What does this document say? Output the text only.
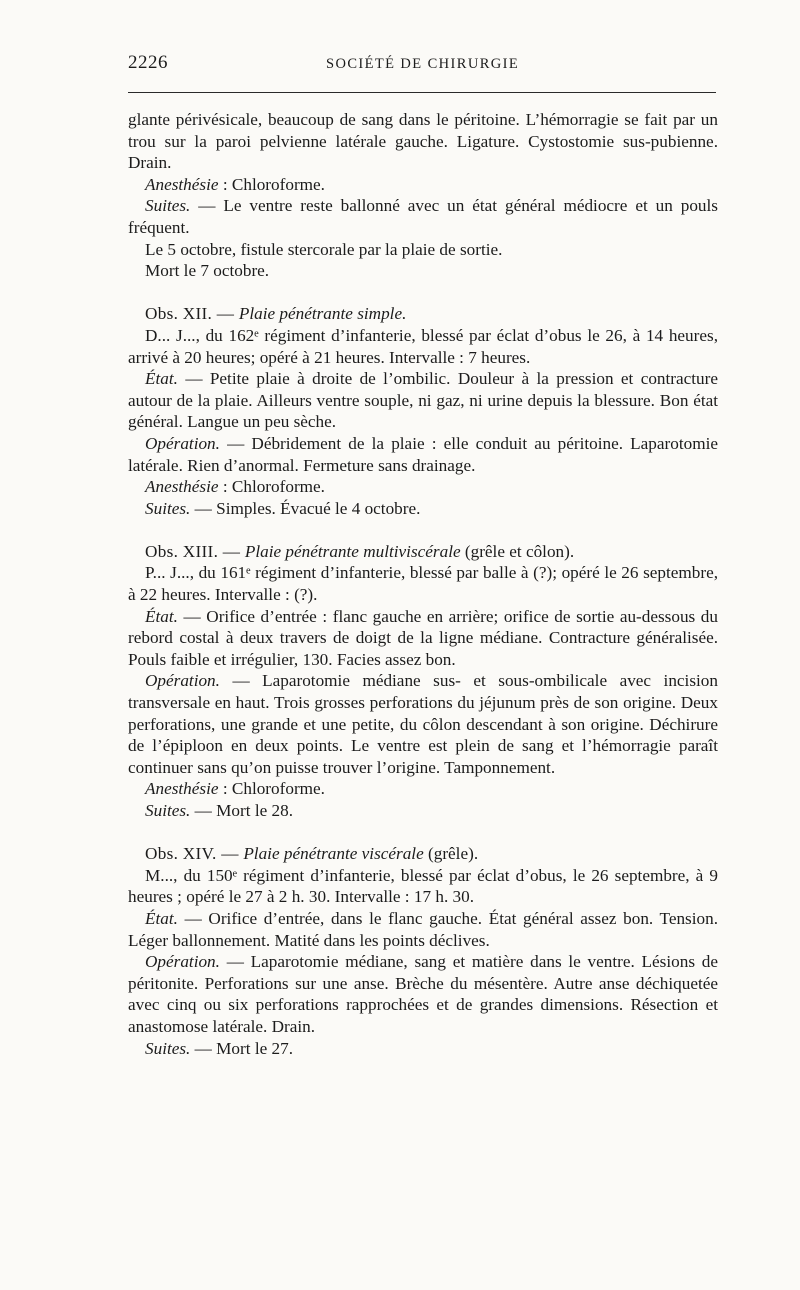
2226	SOCIÉTÉ DE CHIRURGIE

glante périvésicale, beaucoup de sang dans le péritoine. L’hémorragie se fait par un trou sur la paroi pelvienne latérale gauche. Ligature. Cystostomie sus-pubienne. Drain.

Anesthésie : Chloroforme.

Suites. — Le ventre reste ballonné avec un état général médiocre et un pouls fréquent.

Le 5 octobre, fistule stercorale par la plaie de sortie.

Mort le 7 octobre.

Obs. XII. — Plaie pénétrante simple.

D... J..., du 162ᵉ régiment d’infanterie, blessé par éclat d’obus le 26, à 14 heures, arrivé à 20 heures; opéré à 21 heures. Intervalle : 7 heures.

État. — Petite plaie à droite de l’ombilic. Douleur à la pression et contracture autour de la plaie. Ailleurs ventre souple, ni gaz, ni urine depuis la blessure. Bon état général. Langue un peu sèche.

Opération. — Débridement de la plaie : elle conduit au péritoine. Laparotomie latérale. Rien d’anormal. Fermeture sans drainage.

Anesthésie : Chloroforme.

Suites. — Simples. Évacué le 4 octobre.

Obs. XIII. — Plaie pénétrante multiviscérale (grêle et côlon).

P... J..., du 161ᵉ régiment d’infanterie, blessé par balle à (?); opéré le 26 septembre, à 22 heures. Intervalle : (?).

État. — Orifice d’entrée : flanc gauche en arrière; orifice de sortie au-dessous du rebord costal à deux travers de doigt de la ligne médiane. Contracture généralisée. Pouls faible et irrégulier, 130. Facies assez bon.

Opération. — Laparotomie médiane sus- et sous-ombilicale avec incision transversale en haut. Trois grosses perforations du jéjunum près de son origine. Deux perforations, une grande et une petite, du côlon descendant à son origine. Déchirure de l’épiploon en deux points. Le ventre est plein de sang et l’hémorragie paraît continuer sans qu’on puisse trouver l’origine. Tamponnement.

Anesthésie : Chloroforme.

Suites. — Mort le 28.

Obs. XIV. — Plaie pénétrante viscérale (grêle).

M..., du 150ᵉ régiment d’infanterie, blessé par éclat d’obus, le 26 septembre, à 9 heures ; opéré le 27 à 2 h. 30. Intervalle : 17 h. 30.

État. — Orifice d’entrée, dans le flanc gauche. État général assez bon. Tension. Léger ballonnement. Matité dans les points déclives.

Opération. — Laparotomie médiane, sang et matière dans le ventre. Lésions de péritonite. Perforations sur une anse. Brèche du mésentère. Autre anse déchiquetée avec cinq ou six perforations rapprochées et de grandes dimensions. Résection et anastomose latérale. Drain.

Suites. — Mort le 27.
